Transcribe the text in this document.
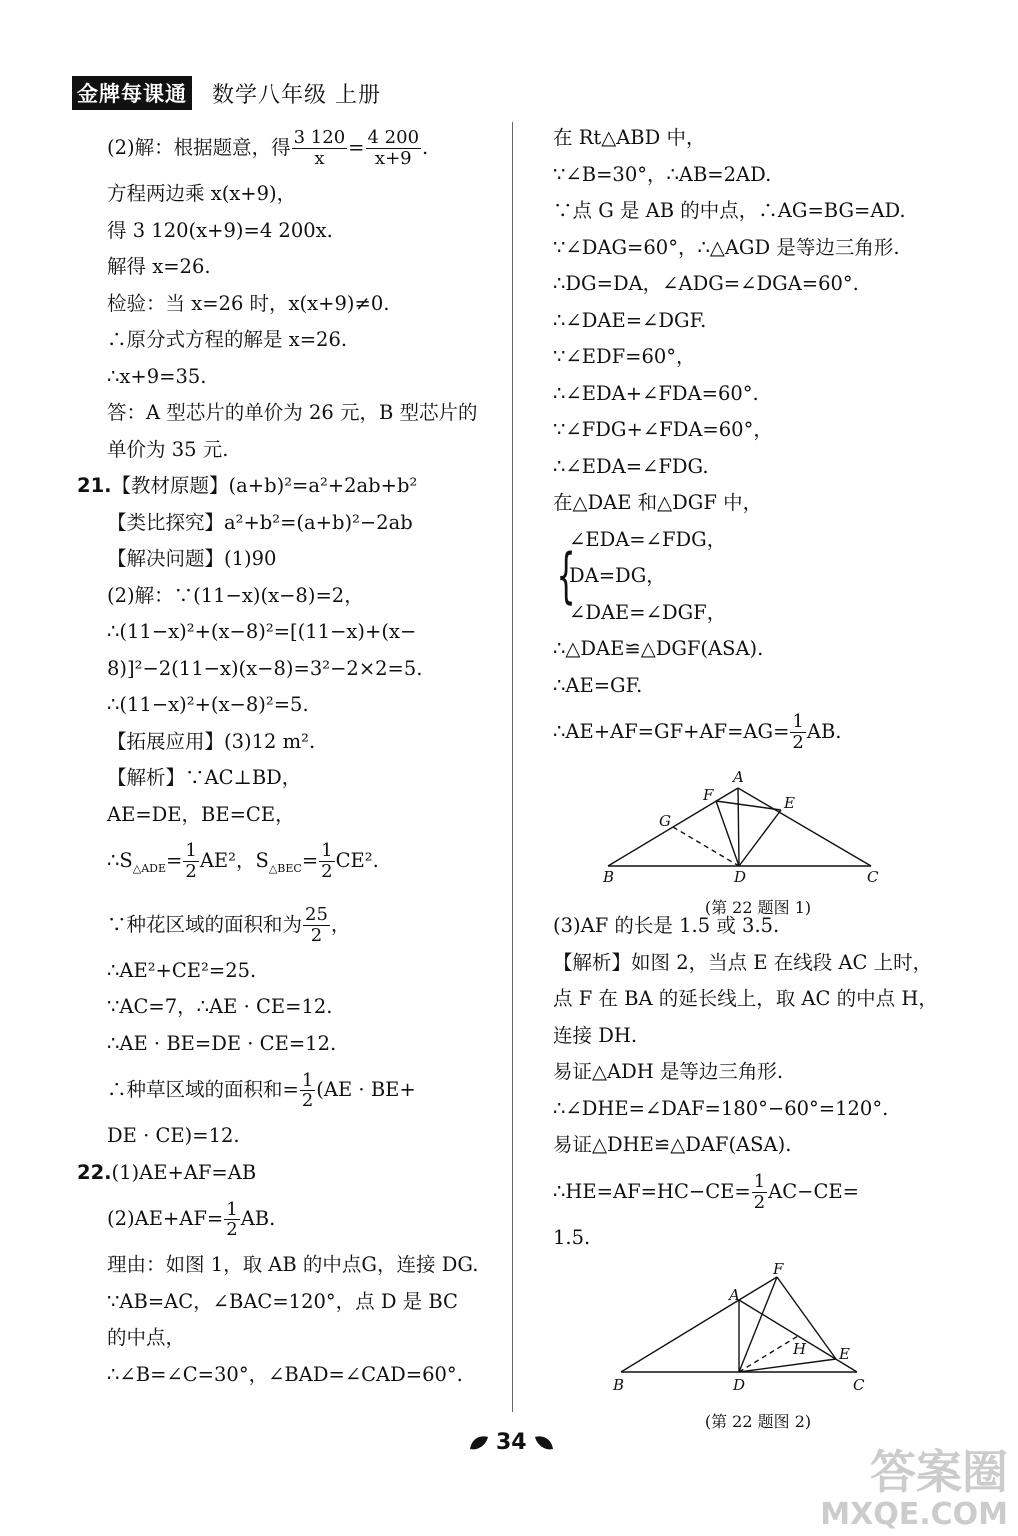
金牌每课通 数学八年级 上册
(2)解：根据题意，得 $\frac{3 120}{x} = \frac{4 200}{x+9}$ .
方程两边乘 x(x+9)，
得 3 120(x+9)=4 200x.
解得 x=26.
检验：当 x=26 时，x(x+9)≠0.
∴原分式方程的解是 x=26.
∴x+9=35.
答：A 型芯片的单价为 26 元，B 型芯片的
单价为 35 元.
21.【教材原题】(a+b)²=a²+2ab+b²
【类比探究】a²+b²=(a+b)²−2ab
【解决问题】(1)90
(2)解：∵(11−x)(x−8)=2，
∴(11−x)²+(x−8)²=[(11−x)+(x−
8)]²−2(11−x)(x−8)=3²−2×2=5.
∴(11−x)²+(x−8)²=5.
【拓展应用】(3)12 m².
【解析】∵AC⊥BD，
AE=DE，BE=CE，
$\therefore S_{\triangle ADE}= \frac{1}{2} AE^2$，$S_{\triangle BEC}= \frac{1}{2} CE^2$.
∵种花区域的面积和为 $\frac{25}{2}$ ，
∴AE²+CE²=25.
∵AC=7，∴AE · CE=12.
∴AE · BE=DE · CE=12.
∴种草区域的面积和= $\frac{1}{2} (AE \cdot BE+$
DE · CE)=12.
22.(1)AE+AF=AB
$(2)AE+AF= \frac{1}{2}$ AB.
理由：如图 1，取 AB 的中点G，连接 DG.
∵AB=AC，∠BAC=120°，点 D 是 BC
的中点，
∴∠B=∠C=30°，∠BAD=∠CAD=60°.
在 Rt△ABD 中，
∵∠B=30°，∴AB=2AD.
∵点 G 是 AB 的中点，∴AG=BG=AD.
∵∠DAG=60°，∴△AGD 是等边三角形.
∴DG=DA，∠ADG=∠DGA=60°.
∴∠DAE=∠DGF.
∵∠EDF=60°，
∴∠EDA+∠FDA=60°.
∵∠FDG+∠FDA=60°，
∴∠EDA=∠FDG.
在△DAE 和△DGF 中，
{
∠EDA=∠FDG，
DA=DG，
∠DAE=∠DGF，
∴△DAE≌△DGF(ASA).
∴AE=GF.
∴AE+AF=GF+AF=AG= $\frac{1}{2}$ AB.
A
F	E
G
B	D	C
(第 22 题图 1)
(3)AF 的长是 1.5 或 3.5.
【解析】如图 2，当点 E 在线段 AC 上时，
点 F 在 BA 的延长线上，取 AC 的中点 H，
连接 DH.
易证△ADH 是等边三角形.
∴∠DHE=∠DAF=180°−60°=120°.
易证△DHE≌△DAF(ASA).
∴HE=AF=HC−CE= $\frac{1}{2} AC-CE=$
1.5.
A
F
H E
B	D	C
(第 22 题图 2)
34
答案圈
MXQE.COM
